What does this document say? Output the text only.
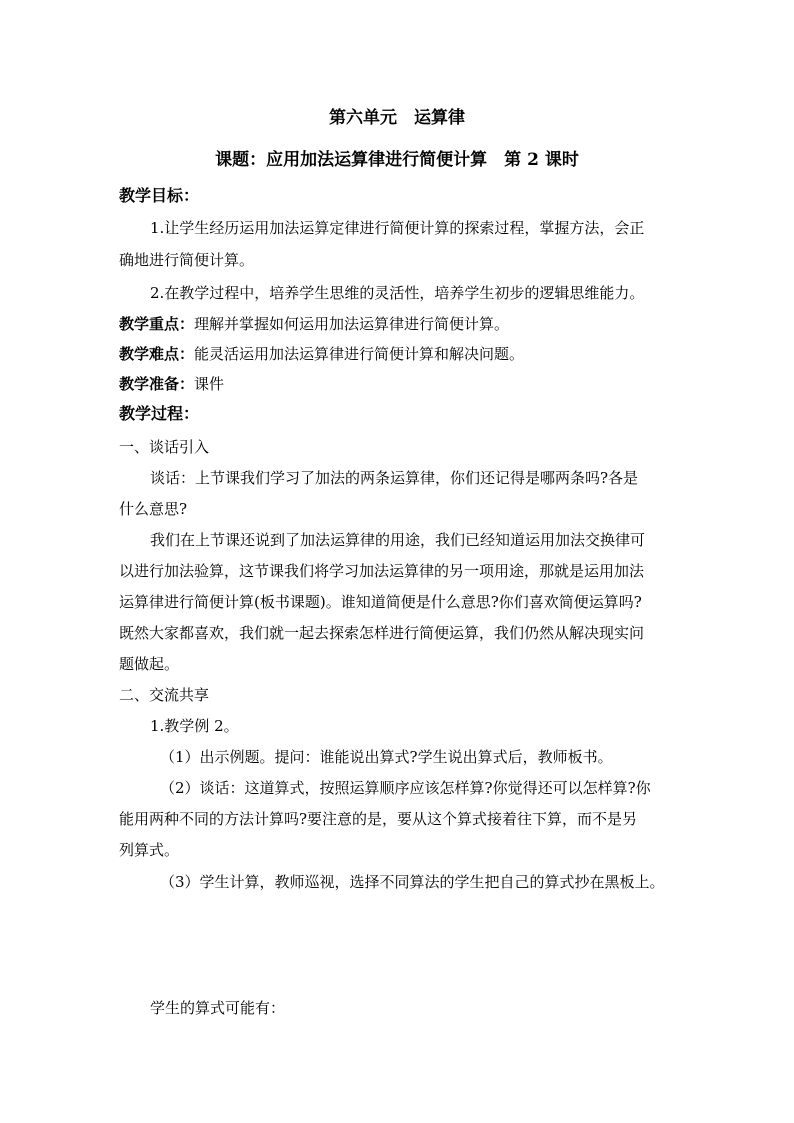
第六单元　运算律
课题：应用加法运算律进行简便计算　第 2 课时
教学目标：
1.让学生经历运用加法运算定律进行简便计算的探索过程，掌握方法，会正
确地进行简便计算。
2.在教学过程中，培养学生思维的灵活性，培养学生初步的逻辑思维能力。
教学重点：理解并掌握如何运用加法运算律进行简便计算。
教学难点：能灵活运用加法运算律进行简便计算和解决问题。
教学准备：课件
教学过程：
一、谈话引入
谈话：上节课我们学习了加法的两条运算律，你们还记得是哪两条吗?各是
什么意思?
我们在上节课还说到了加法运算律的用途，我们已经知道运用加法交换律可
以进行加法验算，这节课我们将学习加法运算律的另一项用途，那就是运用加法
运算律进行简便计算(板书课题)。谁知道简便是什么意思?你们喜欢简便运算吗?
既然大家都喜欢，我们就一起去探索怎样进行简便运算，我们仍然从解决现实问
题做起。
二、交流共享
1.教学例 2。
（1）出示例题。提问：谁能说出算式?学生说出算式后，教师板书。
（2）谈话：这道算式，按照运算顺序应该怎样算?你觉得还可以怎样算?你
能用两种不同的方法计算吗?要注意的是，要从这个算式接着往下算，而不是另
列算式。
（3）学生计算，教师巡视，选择不同算法的学生把自己的算式抄在黑板上。
学生的算式可能有：
